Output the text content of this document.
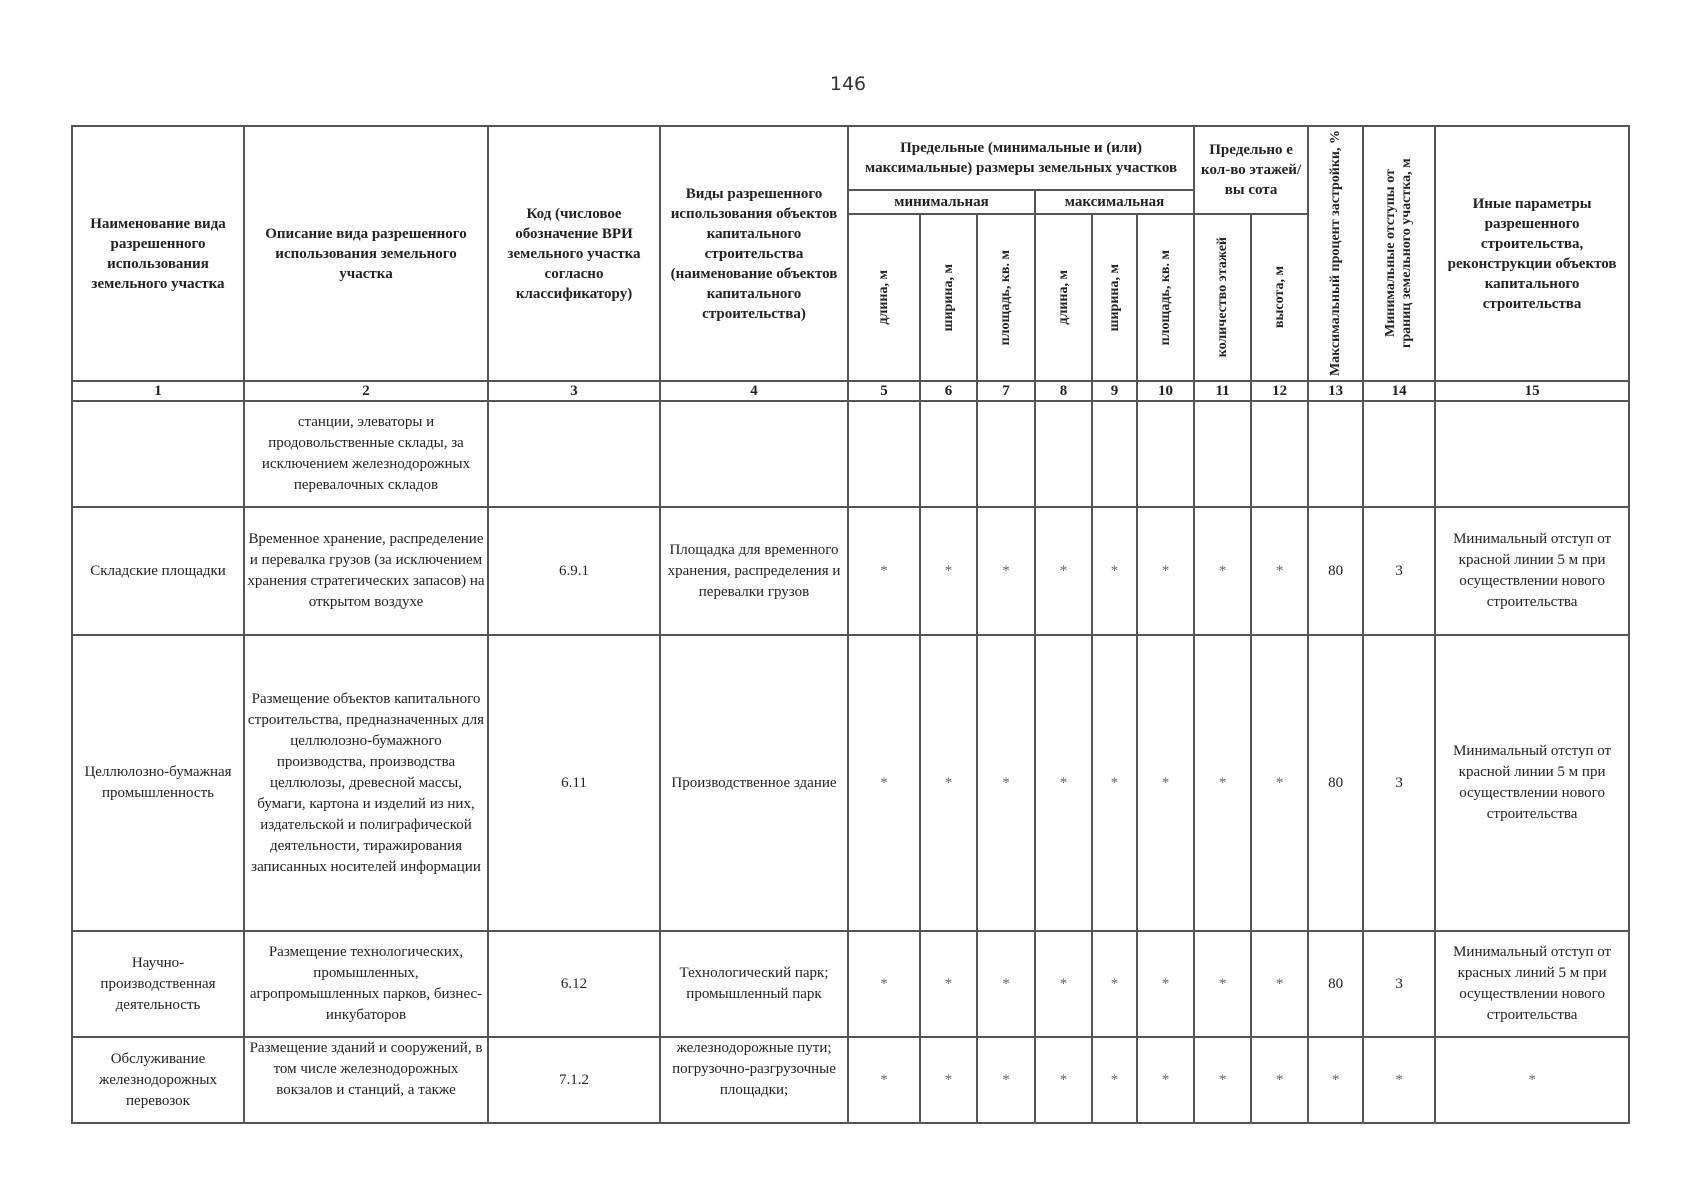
146
Наименование вида разрешенного использования земельного участка	Описание вида разрешенного использования земельного участка	Код (числовое обозначение ВРИ земельного участка согласно классификатору)	Виды разрешенного использования объектов капитального строительства (наименование объектов капитального строительства)	Предельные (минимальные и (или) максимальные) размеры земельных участков						Предельно е кол-во этажей/вы сота		Максимальный процент застройки, %	Минимальные отступы от границ земельного участка, м	Иные параметры разрешенного строительства, реконструкции объектов капитального строительства
				минимальная			максимальная							

				длина, м	ширина, м	площадь, кв. м	длина, м	ширина, м	площадь, кв. м	количество этажей	высота, м			

1	2	3	4	5	6	7	8	9	10	11	12	13	14	15
	станции, элеваторы и продовольственные склады, за исключением железнодорожных перевалочных складов													
Складские площадки	Временное хранение, распределение и перевалка грузов (за исключением хранения стратегических запасов) на открытом воздухе	6.9.1	Площадка для временного хранения, распределения и перевалки грузов	*	*	*	*	*	*	*	*	80	3	Минимальный отступ от красной линии 5 м при осуществлении нового строительства
Целлюлозно-бумажная промышленность	Размещение объектов капитального строительства, предназначенных для целлюлозно-бумажного производства, производства целлюлозы, древесной массы, бумаги, картона и изделий из них, издательской и полиграфической деятельности, тиражирования записанных носителей информации	6.11	Производственное здание	*	*	*	*	*	*	*	*	80	3	Минимальный отступ от красной линии 5 м при осуществлении нового строительства
Научно-производственная деятельность	Размещение технологических, промышленных, агропромышленных парков, бизнес-инкубаторов	6.12	Технологический парк; промышленный парк	*	*	*	*	*	*	*	*	80	3	Минимальный отступ от красных линий 5 м при осуществлении нового строительства
Обслуживание железнодорожных перевозок	Размещение зданий и сооружений, в том числе железнодорожных вокзалов и станций, а также	7.1.2	железнодорожные пути; погрузочно-разгрузочные площадки;	*	*	*	*	*	*	*	*	*	*	*
